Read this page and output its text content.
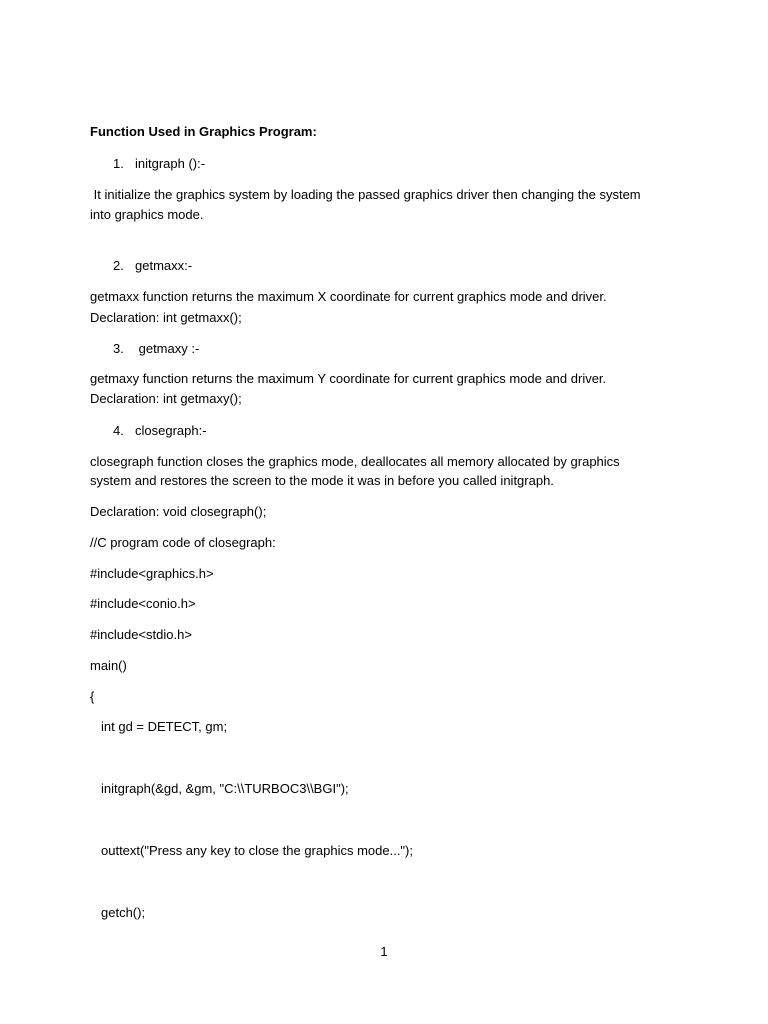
Function Used in Graphics Program:

1. initgraph ():-

It initialize the graphics system by loading the passed graphics driver then changing the system

into graphics mode.

2. getmaxx:-

getmaxx function returns the maximum X coordinate for current graphics mode and driver.

Declaration: int getmaxx();

3. getmaxy :-

getmaxy function returns the maximum Y coordinate for current graphics mode and driver.

Declaration: int getmaxy();

4. closegraph:-

closegraph function closes the graphics mode, deallocates all memory allocated by graphics

system and restores the screen to the mode it was in before you called initgraph.

Declaration: void closegraph();

//C program code of closegraph:

#include<graphics.h>

#include<conio.h>

#include<stdio.h>

main()

{

int gd = DETECT, gm;

initgraph(&gd, &gm, "C:\\TURBOC3\\BGI");

outtext("Press any key to close the graphics mode...");

getch();

1
